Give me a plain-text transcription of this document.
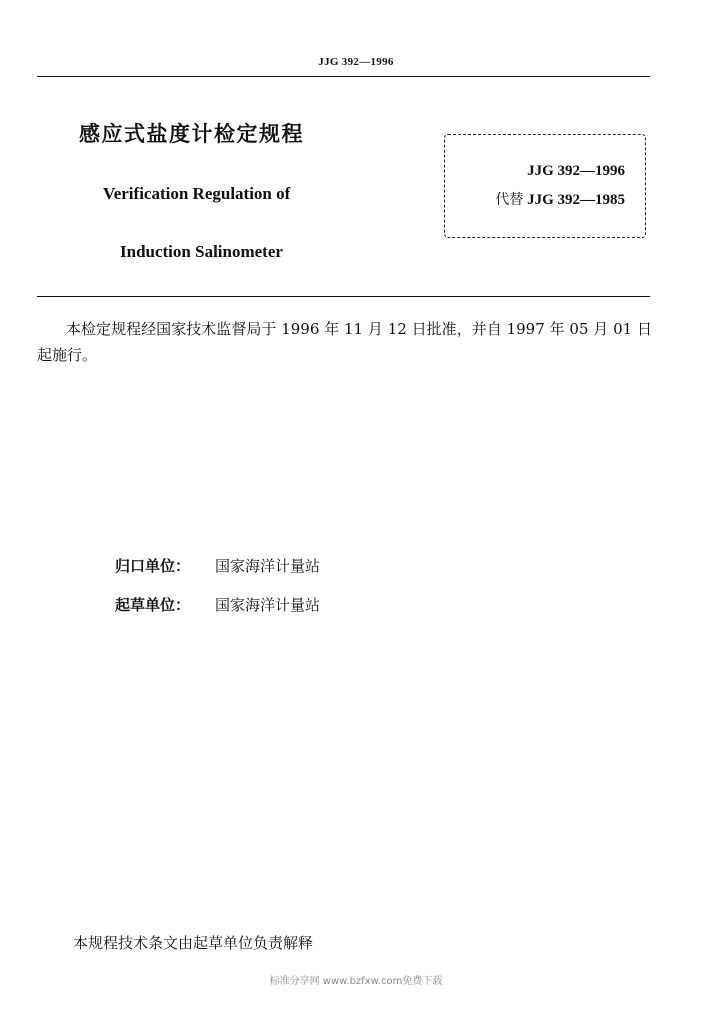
JJG 392—1996
感应式盐度计检定规程
Verification Regulation of
Induction Salinometer
JJG 392—1996
代替 JJG 392—1985
本检定规程经国家技术监督局于 1996 年 11 月 12 日批准，并自 1997 年 05 月 01 日起施行。
归口单位： 国家海洋计量站
起草单位： 国家海洋计量站
本规程技术条文由起草单位负责解释
标准分享网 www.bzfxw.com免费下载
